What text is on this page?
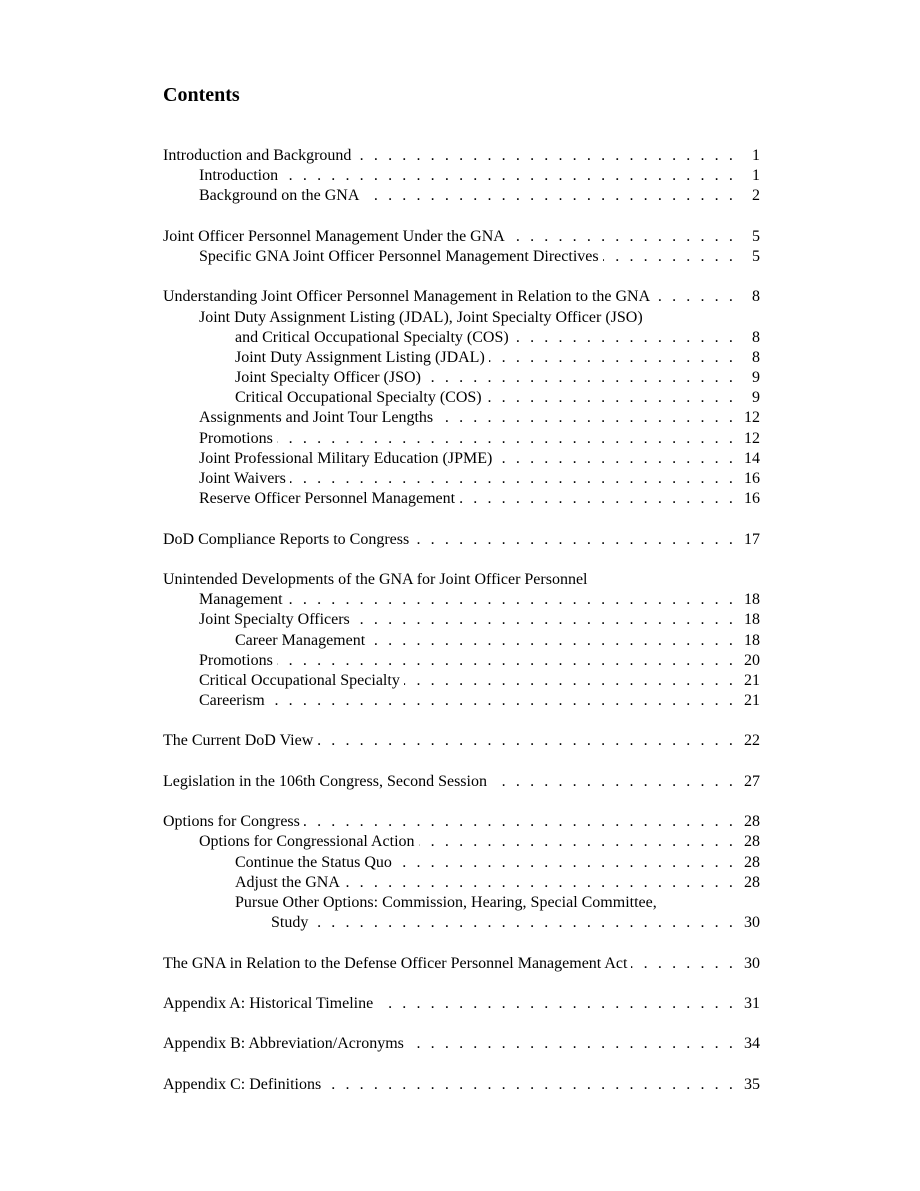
Contents
Introduction and Background . . .	1
Introduction . . .	1
Background on the GNA . . .	2
Joint Officer Personnel Management Under the GNA . . .	5
Specific GNA Joint Officer Personnel Management Directives . . .	5
Understanding Joint Officer Personnel Management in Relation to the GNA . . .	8
Joint Duty Assignment Listing (JDAL), Joint Specialty Officer (JSO)
and Critical Occupational Specialty (COS) . . .	8
Joint Duty Assignment Listing (JDAL) . . .	8
Joint Specialty Officer (JSO) . . .	9
Critical Occupational Specialty (COS) . . .	9
Assignments and Joint Tour Lengths . . .	12
Promotions . . .	12
Joint Professional Military Education (JPME) . . .	14
Joint Waivers . . .	16
Reserve Officer Personnel Management . . .	16
DoD Compliance Reports to Congress . . .	17
Unintended Developments of the GNA for Joint Officer Personnel
Management . . .	18
Joint Specialty Officers . . .	18
Career Management . . .	18
Promotions . . .	20
Critical Occupational Specialty . . .	21
Careerism . . .	21
The Current DoD View . . .	22
Legislation in the 106th Congress, Second Session . . .	27
Options for Congress . . .	28
Options for Congressional Action . . .	28
Continue the Status Quo . . .	28
Adjust the GNA . . .	28
Pursue Other Options: Commission, Hearing, Special Committee,
Study . . .	30
The GNA in Relation to the Defense Officer Personnel Management Act . . .	30
Appendix A: Historical Timeline . . .	31
Appendix B: Abbreviation/Acronyms . . .	34
Appendix C: Definitions . . .	35
